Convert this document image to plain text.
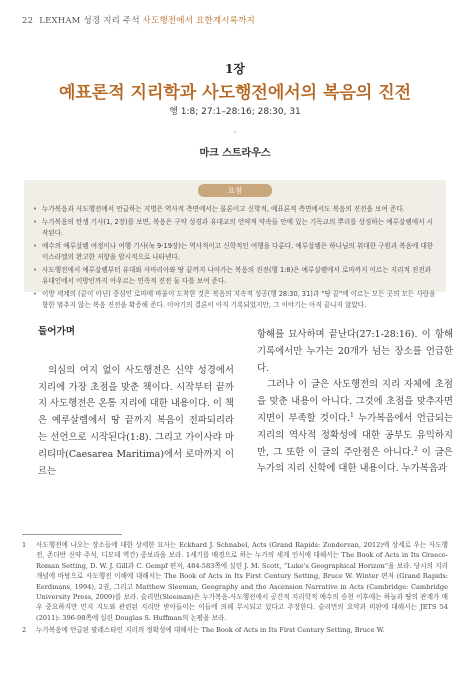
22 LEXHAM 성경 지리 주석 사도행전에서 요한계시록까지
1장
예표론적 지리학과 사도행전에서의 복음의 진전
행 1:8; 27:1–28:16; 28:30, 31
◦
마크 스트라우스
• 누가복음과 사도행전에서 언급하는 지명은 역사적 측면에서는 물론이고 신학적, 예표론적 측면에서도 복음의 진전을 보여 준다.
• 누가복음의 탄생 기사(1, 2장)를 보면, 복음은 구약 성경과 유대교의 언약적 약속들 안에 있는 기독교의 뿌리를 상징하는 예루살렘에서 시작된다.
• 예수의 예루살렘 여정이나 여행 기사(눅 9-19장)는 역사적이고 신학적인 여행을 다룬다. 예루살렘은 하나님의 위대한 구원과 복음에 대한 이스라엘의 완고한 저항을 암시적으로 나타낸다.
• 사도행전에서 예루살렘부터 유대와 사마리아와 땅 끝까지 나아가는 복음의 진전(행 1:8)은 예루살렘에서 로마까지 이르는 지리적 진전과 유대인에서 이방인까지 아우르는 민족적 진전 둘 다를 보여 준다.
• 이방 세계의 (끝이 아닌) 중심인 로마에 바울이 도착한 것은 복음의 지속적 성공(행 28:30, 31)과 "땅 끝"에 이르는 모든 곳의 모든 사람을 향한 멈추지 않는 복음 진전을 확증해 준다. 이야기의 결론이 아직 기록되었지만, 그 이야기는 아직 끝나지 않았다.
요점
들어가며

의심의 여지 없이 사도행전은 신약 성경에서 지리에 가장 초점을 맞춘 책이다. 시작부터 끝까지 사도행전은 온통 지리에 대한 내용이다. 이 책은 예루살렘에서 땅 끝까지 복음이 전파되리라는 선언으로 시작된다(1:8). 그리고 가이사랴 마리티마(Caesarea Maritima)에서 로마까지 이르는

항해를 묘사하며 끝난다(27:1-28:16). 이 항해 기록에서만 누가는 20개가 넘는 장소를 언급한다.

그러나 이 글은 사도행전의 지리 자체에 초점을 맞춘 내용이 아니다. 그것에 초점을 맞추자면 지면이 부족할 것이다.$^1$ 누가복음에서 언급되는 지리의 역사적 정확성에 대한 공부도 유익하지만, 그 또한 이 글의 주안점은 아니다.$^2$ 이 글은 누가의 지리 신학에 대한 내용이다. 누가복음과

1 사도행전에 나오는 장소들에 대한 상세한 묘사는 Eckhard J. Schnabel, Acts (Grand Rapids: Zondervan, 2012)에 상세로 우는 사도행전, 존더반 신약 주석, 디모데 역간) 중보라을 보라. 1세기를 배경으로 하는 누가의 세계 인식에 대해서는 The Book of Acts in Its Graeco-Roman Setting, D. W. J. Gill과 C. Gempf 편저, 484-583쪽에 실린 J. M. Scott, “Luke's Geographical Horizon”을 보라. 당시의 지리 개념에 바탕으로 사도행전 이해에 대해서는 The Book of Acts in Its First Century Setting, Bruce W. Winter 편저 (Grand Rapids: Eerdmans, 1994), 2권, 그리고 Matthew Sleeman, Geography and the Ascension Narrative in Acts (Cambridge: Cambridge University Press, 2009)를 보라. 슬리먼(Sleeman)은 누가복음-사도행전에서 공간적 지리학적 예수의 승천 이후에는 하늘과 땅의 관계가 매우 중요하지만 민지 지도와 관련된 지리만 받아들이는 이들에 의해 무시되고 있다고 주장한다. 슬리먼의 요약과 비판에 대해서는 JETS 54 (2011): 396-98쪽에 실린 Douglas S. Huffman의 논평을 보라.
2 누가복음에 언급된 팔레스타인 지리의 정확성에 대해서는 The Book of Acts in Its First Century Setting, Bruce W.
